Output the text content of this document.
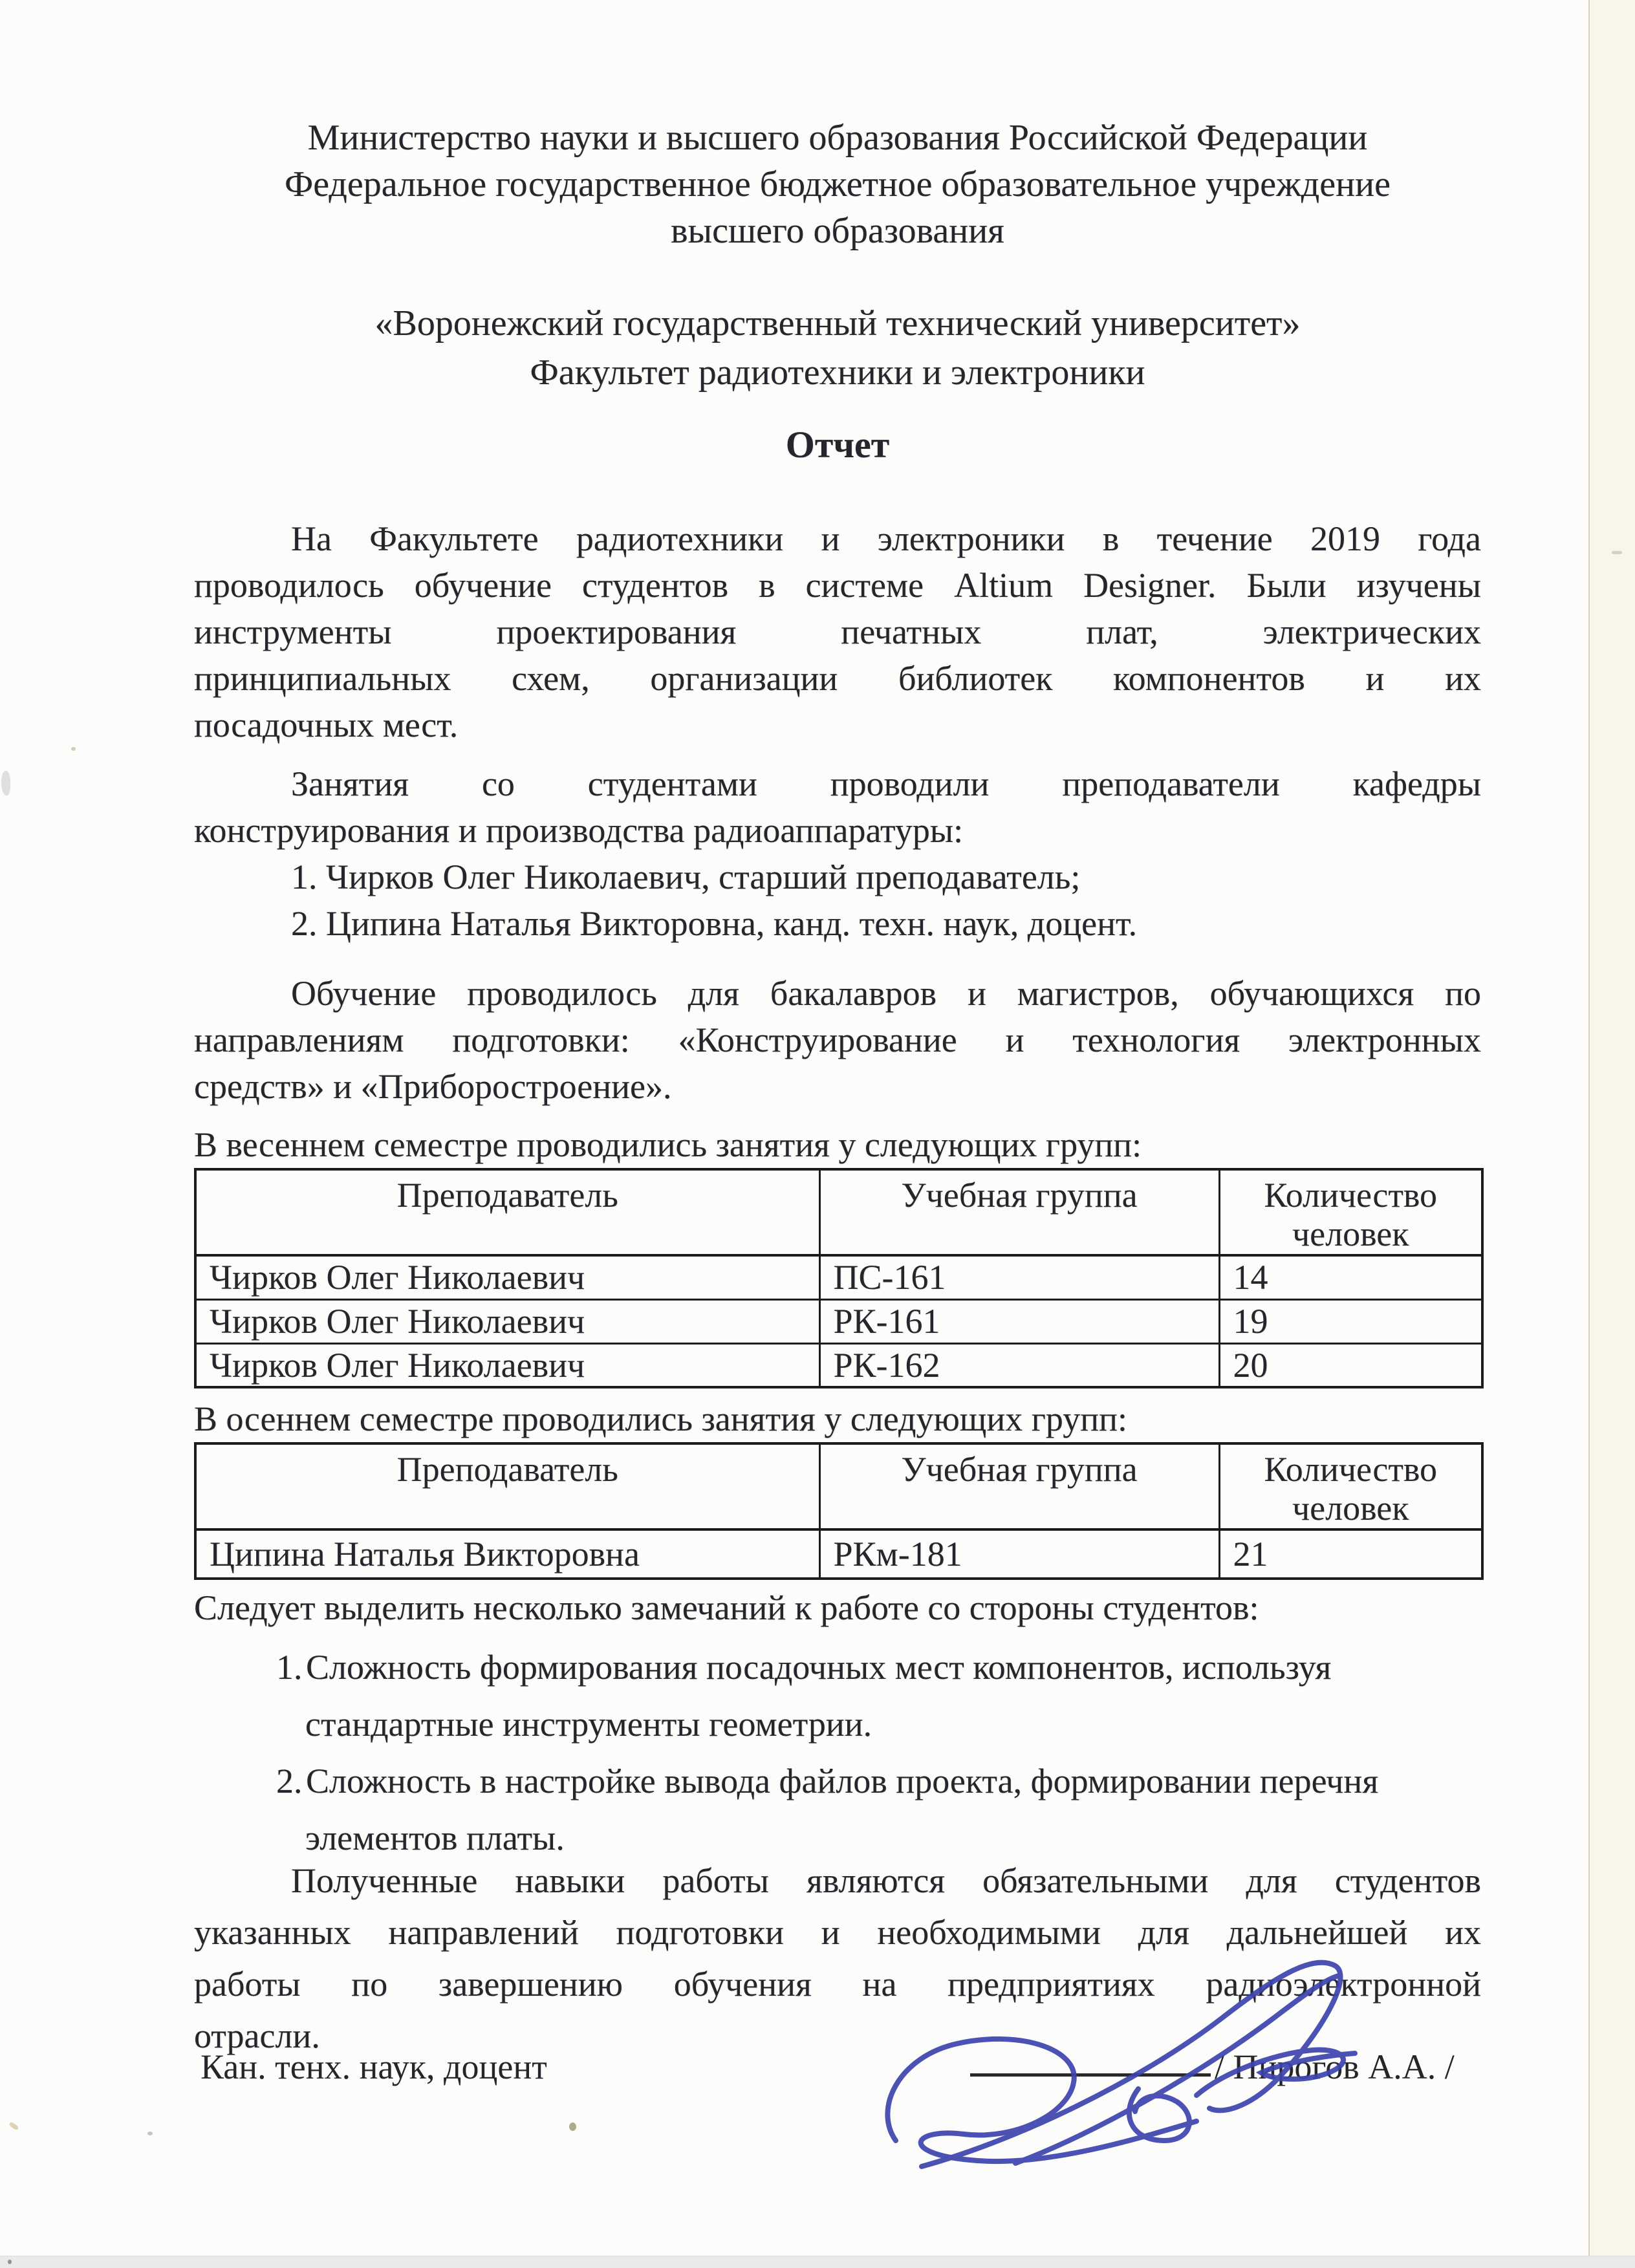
Министерство науки и высшего образования Российской Федерации
Федеральное государственное бюджетное образовательное учреждение
высшего образования
«Воронежский государственный технический университет»
Факультет радиотехники и электроники
Отчет
На Факультете радиотехники и электроники в течение 2019 года
проводилось обучение студентов в системе Altium Designer. Были изучены
инструменты проектирования печатных плат, электрических
принципиальных схем, организации библиотек компонентов и их
посадочных мест.
Занятия со студентами проводили преподаватели кафедры
конструирования и производства радиоаппаратуры:
1. Чирков Олег Николаевич, старший преподаватель;
2. Ципина Наталья Викторовна, канд. техн. наук, доцент.
Обучение проводилось для бакалавров и магистров, обучающихся по
направлениям подготовки: «Конструирование и технология электронных
средств» и «Приборостроение».
В весеннем семестре проводились занятия у следующих групп:
Преподаватель	Учебная группа	Количество человек
Чирков Олег Николаевич	ПС-161	14
Чирков Олег Николаевич	РК-161	19
Чирков Олег Николаевич	РК-162	20
В осеннем семестре проводились занятия у следующих групп:
Преподаватель	Учебная группа	Количество человек
Ципина Наталья Викторовна	РКм-181	21
Следует выделить несколько замечаний к работе со стороны студентов:
1. Сложность формирования посадочных мест компонентов, используя
стандартные инструменты геометрии.
2. Сложность в настройке вывода файлов проекта, формировании перечня
элементов платы.
Полученные навыки работы являются обязательными для студентов
указанных направлений подготовки и необходимыми для дальнейшей их
работы по завершению обучения на предприятиях радиоэлектронной
отрасли.
Кан. тенх. наук, доцент	/ Пирогов А.А. /
